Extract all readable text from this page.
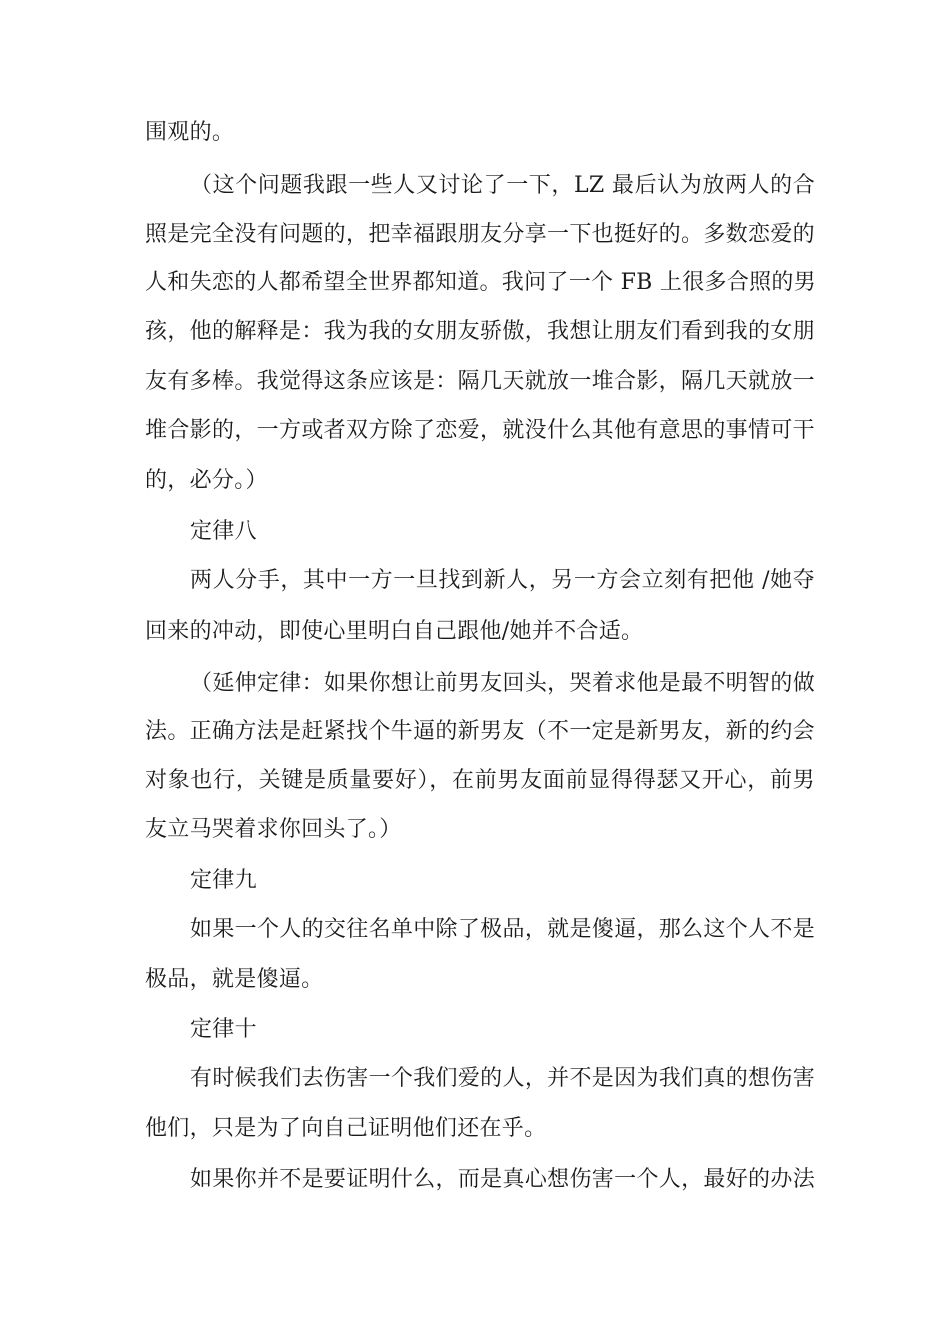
围观的。
（这个问题我跟一些人又讨论了一下，LZ 最后认为放两人的合
照是完全没有问题的，把幸福跟朋友分享一下也挺好的。多数恋爱的
人和失恋的人都希望全世界都知道。我问了一个 FB 上很多合照的男
孩，他的解释是：我为我的女朋友骄傲，我想让朋友们看到我的女朋
友有多棒。我觉得这条应该是：隔几天就放一堆合影，隔几天就放一
堆合影的，一方或者双方除了恋爱，就没什么其他有意思的事情可干
的，必分。）
定律八
两人分手，其中一方一旦找到新人，另一方会立刻有把他 /她夺
回来的冲动，即使心里明白自己跟他/她并不合适。
（延伸定律：如果你想让前男友回头，哭着求他是最不明智的做
法。正确方法是赶紧找个牛逼的新男友（不一定是新男友，新的约会
对象也行，关键是质量要好），在前男友面前显得得瑟又开心，前男
友立马哭着求你回头了。）
定律九
如果一个人的交往名单中除了极品，就是傻逼，那么这个人不是
极品，就是傻逼。
定律十
有时候我们去伤害一个我们爱的人，并不是因为我们真的想伤害
他们，只是为了向自己证明他们还在乎。
如果你并不是要证明什么，而是真心想伤害一个人，最好的办法
